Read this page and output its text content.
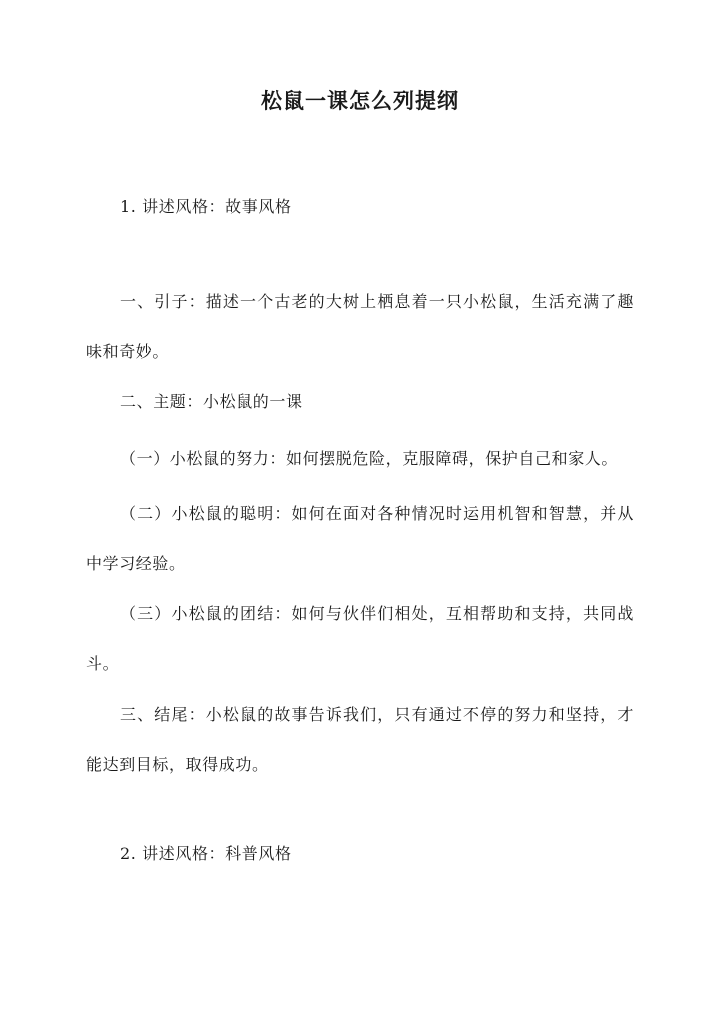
松鼠一课怎么列提纲

1. 讲述风格：故事风格

一、引子：描述一个古老的大树上栖息着一只小松鼠，生活充满了趣味和奇妙。

二、主题：小松鼠的一课

（一）小松鼠的努力：如何摆脱危险，克服障碍，保护自己和家人。

（二）小松鼠的聪明：如何在面对各种情况时运用机智和智慧，并从中学习经验。

（三）小松鼠的团结：如何与伙伴们相处，互相帮助和支持，共同战斗。

三、结尾：小松鼠的故事告诉我们，只有通过不停的努力和坚持，才能达到目标，取得成功。

2. 讲述风格：科普风格
